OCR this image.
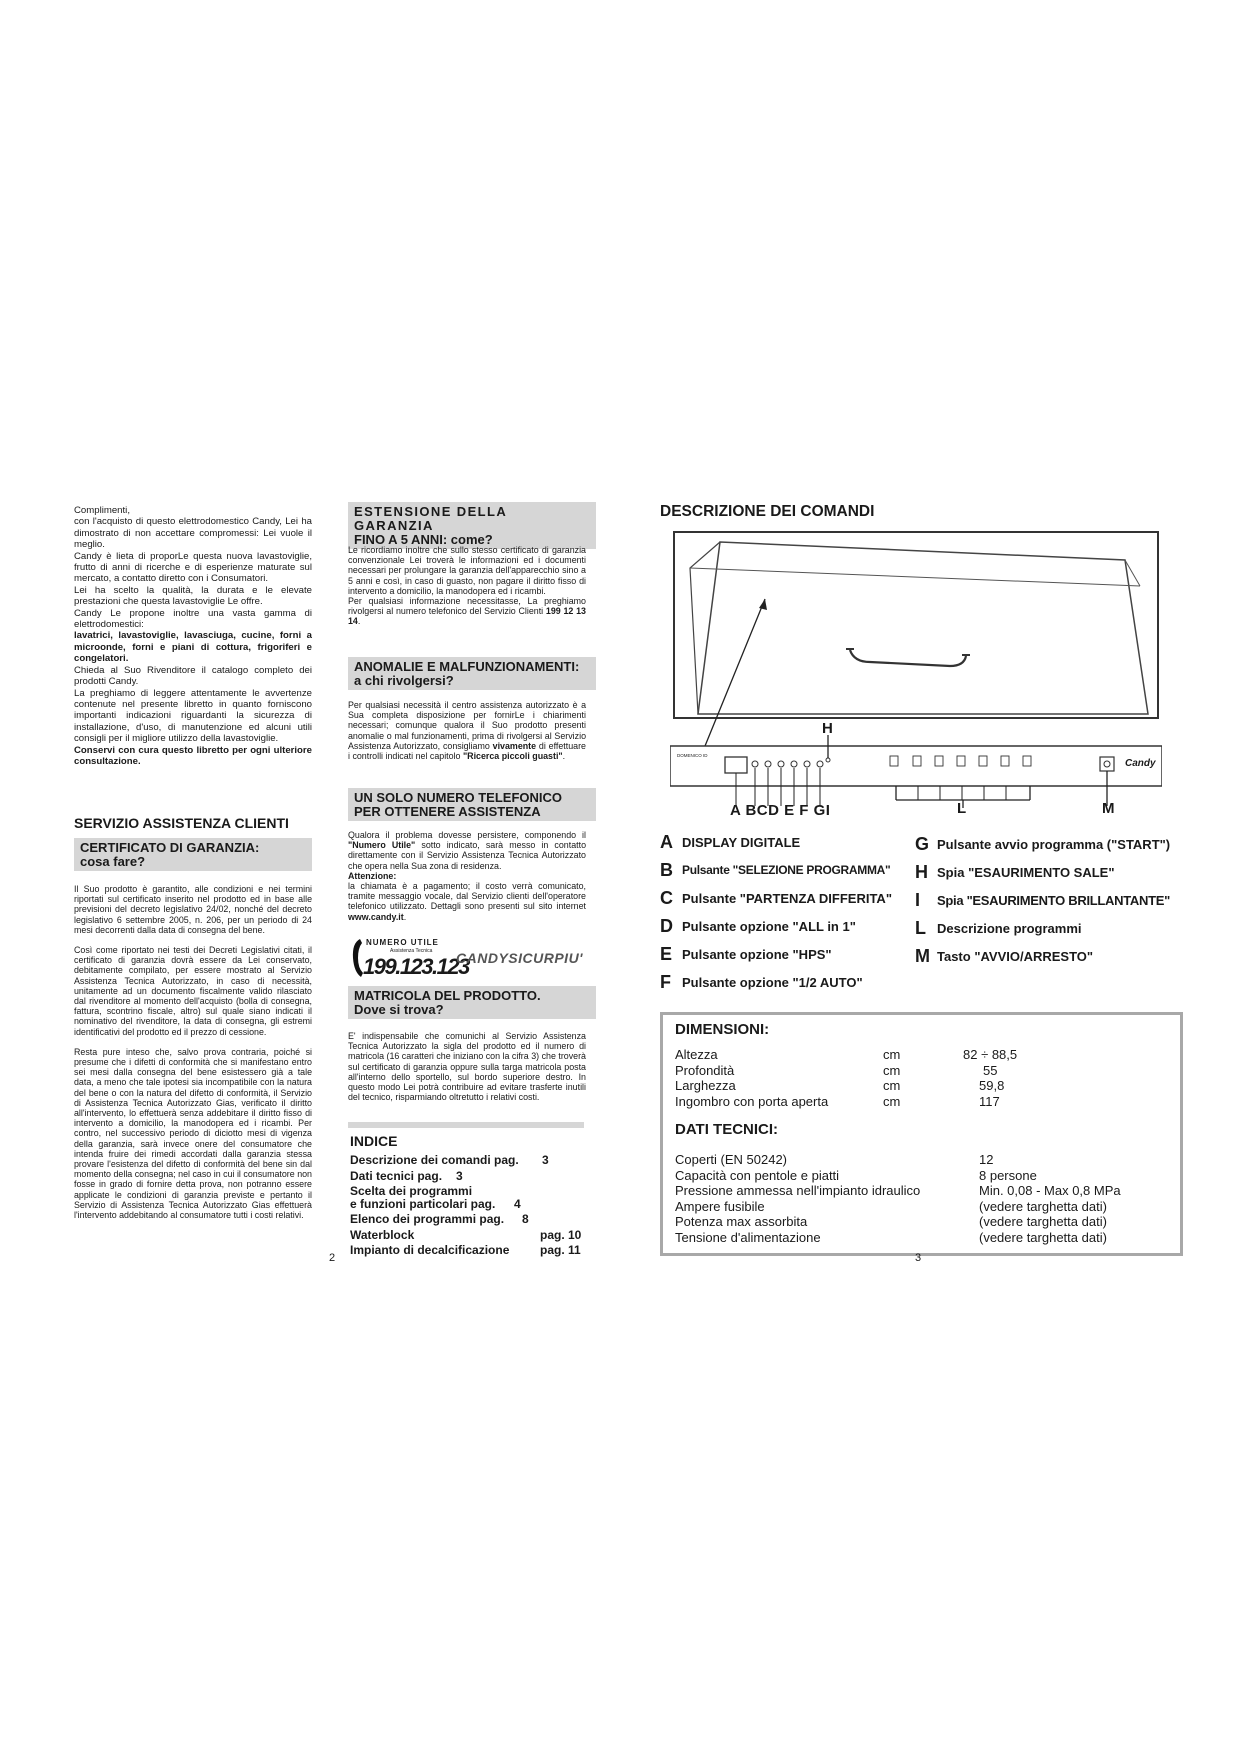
Complimenti,

con l'acquisto di questo elettrodomestico Candy, Lei ha dimostrato di non accettare compromessi: Lei vuole il meglio.

Candy è lieta di proporLe questa nuova lavastoviglie, frutto di anni di ricerche e di esperienze maturate sul mercato, a contatto diretto con i Consumatori.

Lei ha scelto la qualità, la durata e le elevate prestazioni che questa lavastoviglie Le offre.

Candy Le propone inoltre una vasta gamma di elettrodomestici:

lavatrici, lavastoviglie, lavasciuga, cucine, forni a microonde, forni e piani di cottura, frigoriferi e congelatori.

Chieda al Suo Rivenditore il catalogo completo dei prodotti Candy.

La preghiamo di leggere attentamente le avvertenze contenute nel presente libretto in quanto forniscono importanti indicazioni riguardanti la sicurezza di installazione, d'uso, di manutenzione ed alcuni utili consigli per il migliore utilizzo della lavastoviglie.

Conservi con cura questo libretto per ogni ulteriore consultazione.

SERVIZIO ASSISTENZA CLIENTI
CERTIFICATO DI GARANZIA:
cosa fare?

Il Suo prodotto è garantito, alle condizioni e nei termini riportati sul certificato inserito nel prodotto ed in base alle previsioni del decreto legislativo 24/02, nonché del decreto legislativo 6 settembre 2005, n. 206, per un periodo di 24 mesi decorrenti dalla data di consegna del bene.

Così come riportato nei testi dei Decreti Legislativi citati, il certificato di garanzia dovrà essere da Lei conservato, debitamente compilato, per essere mostrato al Servizio Assistenza Tecnica Autorizzato, in caso di necessità, unitamente ad un documento fiscalmente valido rilasciato dal rivenditore al momento dell'acquisto (bolla di consegna, fattura, scontrino fiscale, altro) sul quale siano indicati il nominativo del rivenditore, la data di consegna, gli estremi identificativi del prodotto ed il prezzo di cessione.

Resta pure inteso che, salvo prova contraria, poiché si presume che i difetti di conformità che si manifestano entro sei mesi dalla consegna del bene esistessero già a tale data, a meno che tale ipotesi sia incompatibile con la natura del bene o con la natura del difetto di conformità, il Servizio di Assistenza Tecnica Autorizzato Gias, verificato il diritto all'intervento, lo effettuerà senza addebitare il diritto fisso di intervento a domicilio, la manodopera ed i ricambi. Per contro, nel successivo periodo di diciotto mesi di vigenza della garanzia, sarà invece onere del consumatore che intenda fruire dei rimedi accordati dalla garanzia stessa provare l'esistenza del difetto di conformità del bene sin dal momento della consegna; nel caso in cui il consumatore non fosse in grado di fornire detta prova, non potranno essere applicate le condizioni di garanzia previste e pertanto il Servizio di Assistenza Tecnica Autorizzato Gias effettuerà l'intervento addebitando al consumatore tutti i costi relativi.

2
ESTENSIONE DELLA GARANZIA
FINO A 5 ANNI: come?

Le ricordiamo inoltre che sullo stesso certificato di garanzia convenzionale Lei troverà le informazioni ed i documenti necessari per prolungare la garanzia dell'apparecchio sino a 5 anni e così, in caso di guasto, non pagare il diritto fisso di intervento a domicilio, la manodopera ed i ricambi.

Per qualsiasi informazione necessitasse, La preghiamo rivolgersi al numero telefonico del Servizio Clienti 199 12 13 14.

ANOMALIE E MALFUNZIONAMENTI:
a chi rivolgersi?

Per qualsiasi necessità il centro assistenza autorizzato è a Sua completa disposizione per fornirLe i chiarimenti necessari; comunque qualora il Suo prodotto presenti anomalie o mal funzionamenti, prima di rivolgersi al Servizio Assistenza Autorizzato, consigliamo vivamente di effettuare i controlli indicati nel capitolo "Ricerca piccoli guasti".

UN SOLO NUMERO TELEFONICO
PER OTTENERE ASSISTENZA

Qualora il problema dovesse persistere, componendo il "Numero Utile" sotto indicato, sarà messo in contatto direttamente con il Servizio Assistenza Tecnica Autorizzato che opera nella Sua zona di residenza.

Attenzione:

la chiamata è a pagamento; il costo verrà comunicato, tramite messaggio vocale, dal Servizio clienti dell'operatore telefonico utilizzato. Dettagli sono presenti sul sito internet www.candy.it.

NUMERO UTILE
Assistenza Tecnica
199.123.123
CANDYSICURPIU'
MATRICOLA DEL PRODOTTO.
Dove si trova?

E' indispensabile che comunichi al Servizio Assistenza Tecnica Autorizzato la sigla del prodotto ed il numero di matricola (16 caratteri che iniziano con la cifra 3) che troverà sul certificato di garanzia oppure sulla targa matricola posta all'interno dello sportello, sul bordo superiore destro. In questo modo Lei potrà contribuire ad evitare trasferte inutili del tecnico, risparmiando oltretutto i relativi costi.

INDICE
Descrizione dei comandi pag.	3
Dati tecnici pag.	3
Scelta dei programmi
e funzioni particolari pag.	4
Elenco dei programmi pag.	8
Waterblock	pag. 10
Impianto di decalcificazione	pag. 11
DESCRIZIONE DEI COMANDI
Candy
DOMENICO ID
H
A BCD E F GI	L	M
A DISPLAY DIGITALE
B Pulsante "SELEZIONE PROGRAMMA"
C Pulsante "PARTENZA DIFFERITA"
D Pulsante opzione "ALL in 1"
E Pulsante opzione "HPS"
F Pulsante opzione "1/2 AUTO"
G Pulsante avvio programma ("START")
H Spia "ESAURIMENTO SALE"
I	Spia "ESAURIMENTO BRILLANTANTE"
L Descrizione programmi
M Tasto "AVVIO/ARRESTO"
DIMENSIONI:
Altezza	cm	82 ÷ 88,5
Profondità	cm	55
Larghezza	cm	59,8
Ingombro con porta aperta	cm	117
DATI TECNICI:
Coperti (EN 50242)	12
Capacità con pentole e piatti	8 persone
Pressione ammessa nell'impianto idraulico	Min. 0,08 - Max 0,8 MPa
Ampere fusibile	(vedere targhetta dati)
Potenza max assorbita	(vedere targhetta dati)
Tensione d'alimentazione	(vedere targhetta dati)
3
